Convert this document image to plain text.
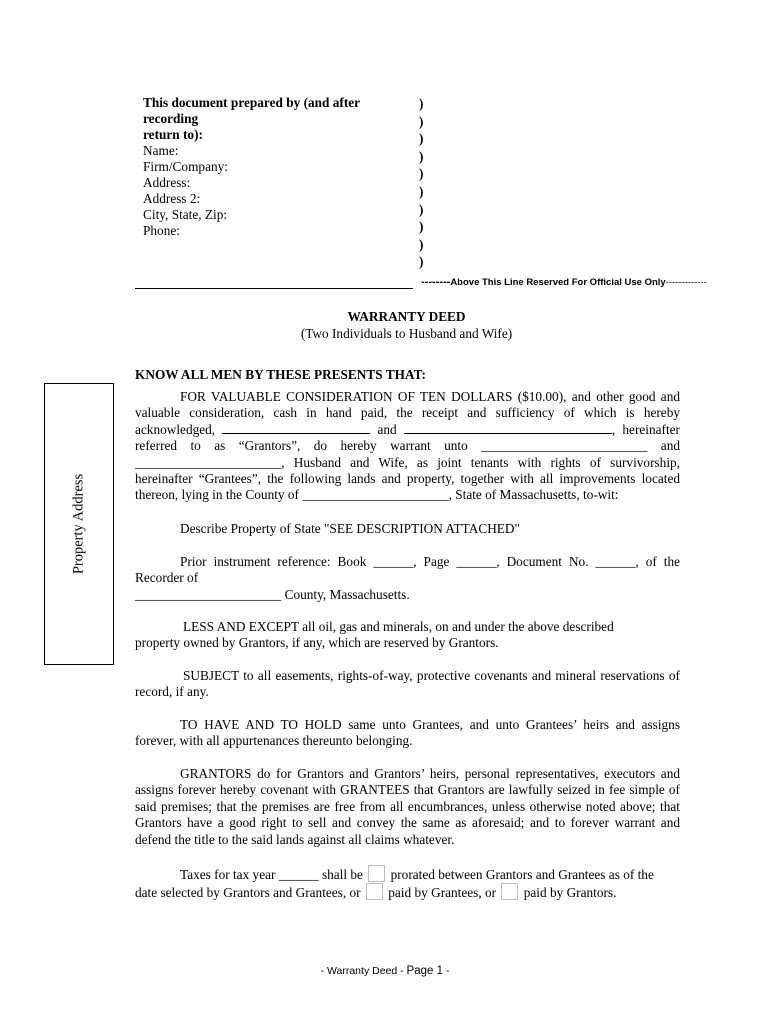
This document prepared by (and after recording
return to):
Name:
Firm/Company:
Address:
Address 2:
City, State, Zip:
Phone:
)
)
)
)
)
)
)
)
)
)
--------Above This Line Reserved For Official Use Only-------------
WARRANTY DEED
(Two Individuals to Husband and Wife)
KNOW ALL MEN BY THESE PRESENTS THAT:
Property Address
FOR VALUABLE CONSIDERATION OF TEN DOLLARS ($10.00), and other good and valuable consideration, cash in hand paid, the receipt and sufficiency of which is hereby acknowledged,	and	, hereinafter referred to as “Grantors”, do hereby warrant unto _________________________ and ______________________, Husband and Wife, as joint tenants with rights of survivorship, hereinafter “Grantees”, the following lands and property, together with all improvements located thereon, lying in the County of ______________________, State of Massachusetts, to-wit:
Describe Property of State "SEE DESCRIPTION ATTACHED"
Prior instrument reference: Book ______, Page ______, Document No. ______, of the Recorder of
______________________ County, Massachusetts.
LESS AND EXCEPT all oil, gas and minerals, on and under the above described property owned by Grantors, if any, which are reserved by Grantors.
SUBJECT to all easements, rights-of-way, protective covenants and mineral reservations of record, if any.
TO HAVE AND TO HOLD same unto Grantees, and unto Grantees’ heirs and assigns forever, with all appurtenances thereunto belonging.
GRANTORS do for Grantors and Grantors’ heirs, personal representatives, executors and assigns forever hereby covenant with GRANTEES that Grantors are lawfully seized in fee simple of said premises; that the premises are free from all encumbrances, unless otherwise noted above; that Grantors have a good right to sell and convey the same as aforesaid; and to forever warrant and defend the title to the said lands against all claims whatever.
Taxes for tax year ______ shall be prorated between Grantors and Grantees as of the
date selected by Grantors and Grantees, or paid by Grantees, or paid by Grantors.
- Warranty Deed - Page 1 -
